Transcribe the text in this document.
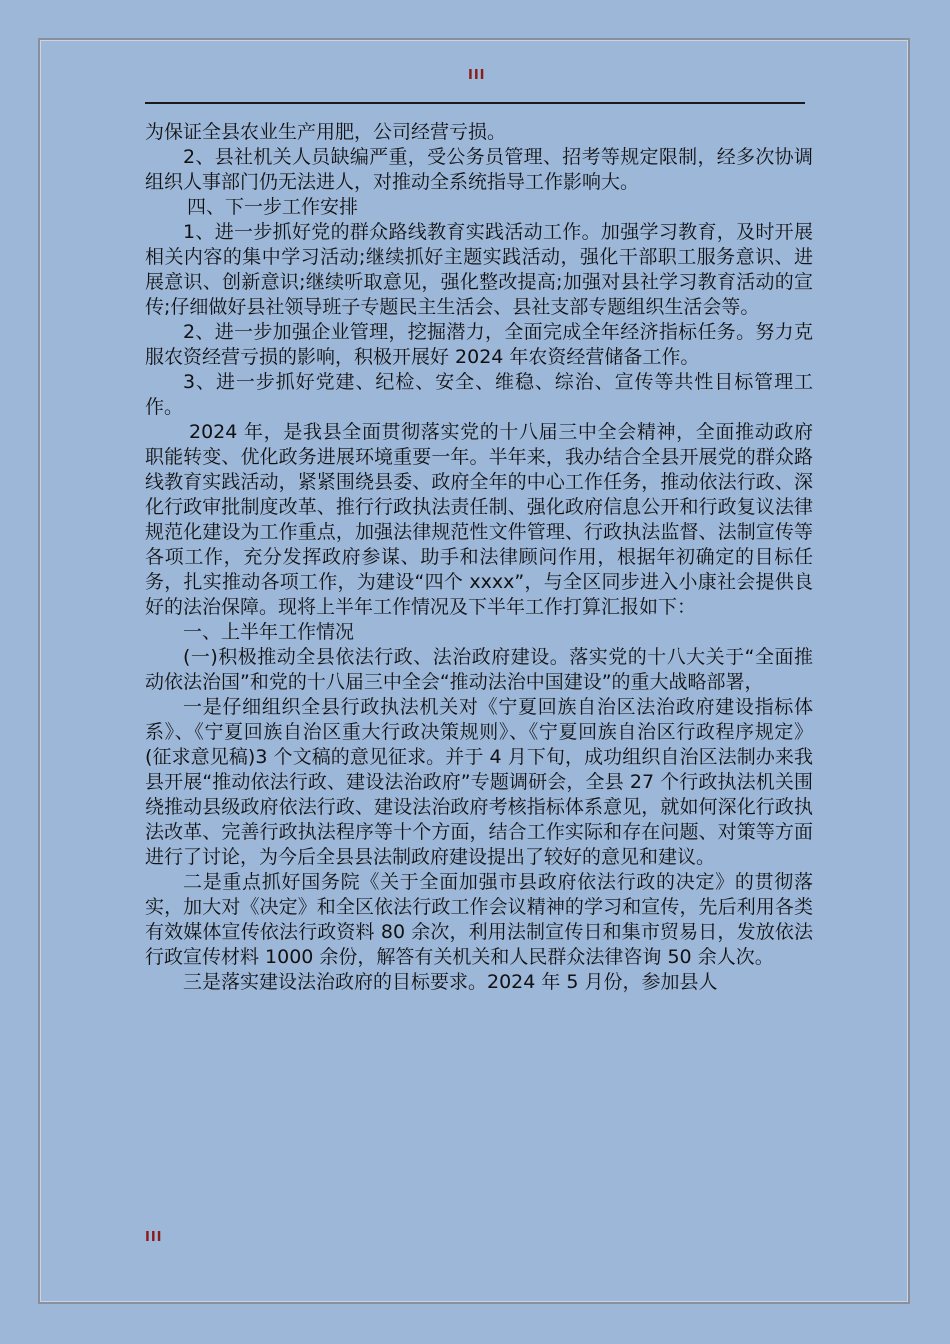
III

为保证全县农业生产用肥，公司经营亏损。

2、县社机关人员缺编严重，受公务员管理、招考等规定限制，经多次协调组织人事部门仍无法进人，对推动全系统指导工作影响大。

四、下一步工作安排

1、进一步抓好党的群众路线教育实践活动工作。加强学习教育，及时开展相关内容的集中学习活动;继续抓好主题实践活动，强化干部职工服务意识、进展意识、创新意识;继续听取意见，强化整改提高;加强对县社学习教育活动的宣传;仔细做好县社领导班子专题民主生活会、县社支部专题组织生活会等。

2、进一步加强企业管理，挖掘潜力，全面完成全年经济指标任务。努力克服农资经营亏损的影响，积极开展好 2024 年农资经营储备工作。

3、进一步抓好党建、纪检、安全、维稳、综治、宣传等共性目标管理工作。

2024 年，是我县全面贯彻落实党的十八届三中全会精神，全面推动政府职能转变、优化政务进展环境重要一年。半年来，我办结合全县开展党的群众路线教育实践活动，紧紧围绕县委、政府全年的中心工作任务，推动依法行政、深化行政审批制度改革、推行行政执法责任制、强化政府信息公开和行政复议法律规范化建设为工作重点，加强法律规范性文件管理、行政执法监督、法制宣传等各项工作，充分发挥政府参谋、助手和法律顾问作用，根据年初确定的目标任务，扎实推动各项工作，为建设“四个 xxxx”，与全区同步进入小康社会提供良好的法治保障。现将上半年工作情况及下半年工作打算汇报如下：

一、上半年工作情况

(一)积极推动全县依法行政、法治政府建设。落实党的十八大关于“全面推动依法治国”和党的十八届三中全会“推动法治中国建设”的重大战略部署，

一是仔细组织全县行政执法机关对《宁夏回族自治区法治政府建设指标体系》、《宁夏回族自治区重大行政决策规则》、《宁夏回族自治区行政程序规定》(征求意见稿)3 个文稿的意见征求。并于 4 月下旬，成功组织自治区法制办来我县开展“推动依法行政、建设法治政府”专题调研会，全县 27 个行政执法机关围绕推动县级政府依法行政、建设法治政府考核指标体系意见，就如何深化行政执法改革、完善行政执法程序等十个方面，结合工作实际和存在问题、对策等方面进行了讨论，为今后全县县法制政府建设提出了较好的意见和建议。

二是重点抓好国务院《关于全面加强市县政府依法行政的决定》的贯彻落实，加大对《决定》和全区依法行政工作会议精神的学习和宣传，先后利用各类有效媒体宣传依法行政资料 80 余次，利用法制宣传日和集市贸易日，发放依法行政宣传材料 1000 余份，解答有关机关和人民群众法律咨询 50 余人次。

三是落实建设法治政府的目标要求。2024 年 5 月份，参加县人

III
